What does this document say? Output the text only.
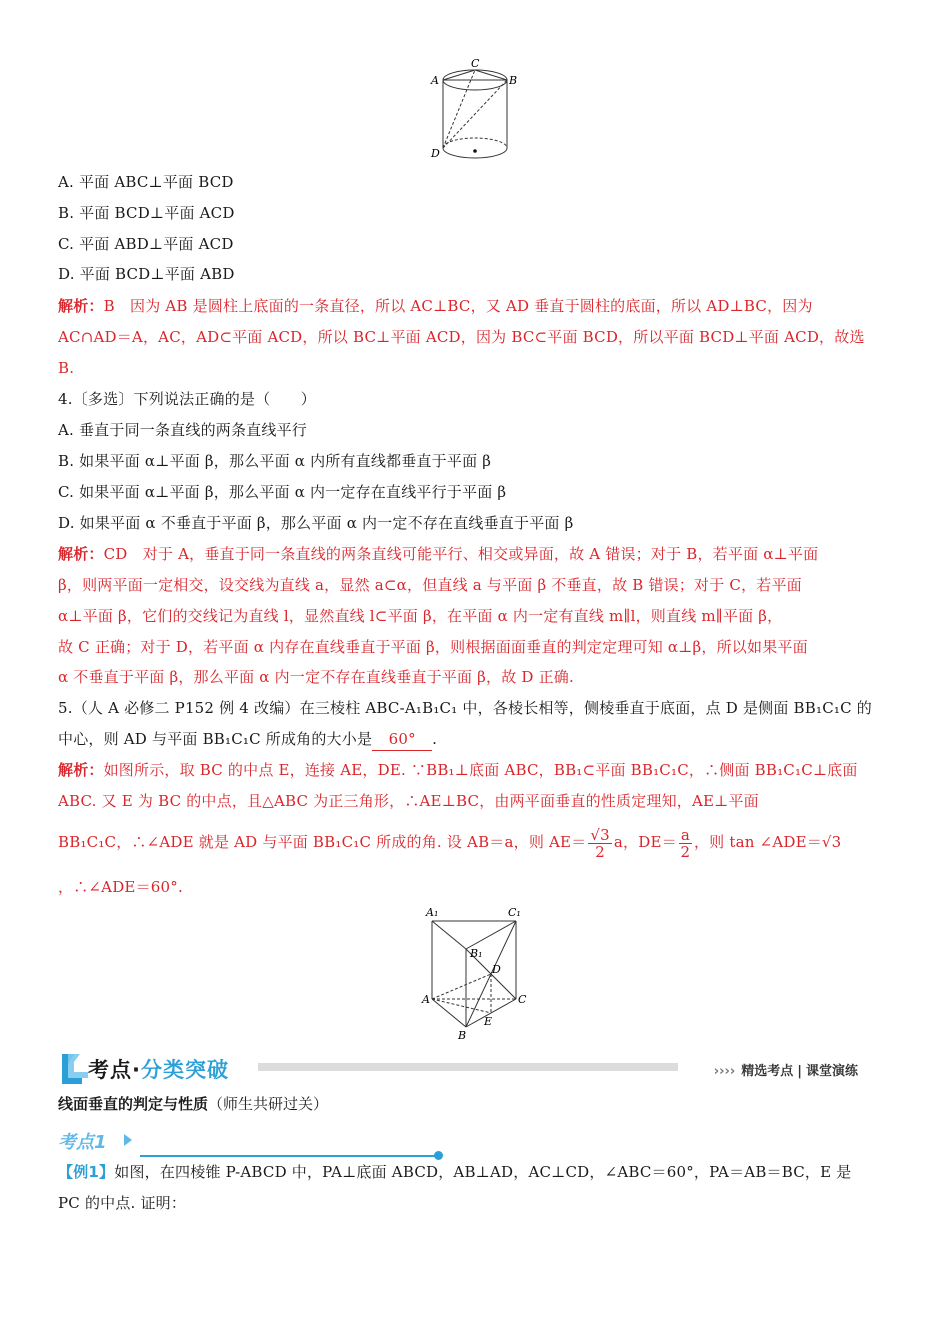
C
A	B
D
A. 平面 ABC⊥平面 BCD
B. 平面 BCD⊥平面 ACD
C. 平面 ABD⊥平面 ACD
D. 平面 BCD⊥平面 ABD
解析：B　因为 AB 是圆柱上底面的一条直径，所以 AC⊥BC，又 AD 垂直于圆柱的底面，所以 AD⊥BC，因为
AC∩AD＝A，AC，AD⊂平面 ACD，所以 BC⊥平面 ACD，因为 BC⊂平面 BCD，所以平面 BCD⊥平面 ACD，故选
B.
4.〔多选〕下列说法正确的是（　　）
A. 垂直于同一条直线的两条直线平行
B. 如果平面 α⊥平面 β，那么平面 α 内所有直线都垂直于平面 β
C. 如果平面 α⊥平面 β，那么平面 α 内一定存在直线平行于平面 β
D. 如果平面 α 不垂直于平面 β，那么平面 α 内一定不存在直线垂直于平面 β
解析：CD　对于 A，垂直于同一条直线的两条直线可能平行、相交或异面，故 A 错误；对于 B，若平面 α⊥平面
β，则两平面一定相交，设交线为直线 a，显然 a⊂α，但直线 a 与平面 β 不垂直，故 B 错误；对于 C，若平面
α⊥平面 β，它们的交线记为直线 l，显然直线 l⊂平面 β，在平面 α 内一定有直线 m∥l，则直线 m∥平面 β，
故 C 正确；对于 D，若平面 α 内存在直线垂直于平面 β，则根据面面垂直的判定定理可知 α⊥β，所以如果平面
α 不垂直于平面 β，那么平面 α 内一定不存在直线垂直于平面 β，故 D 正确.
5.（人 A 必修二 P152 例 4 改编）在三棱柱 ABC-A₁B₁C₁ 中，各棱长相等，侧棱垂直于底面，点 D 是侧面 BB₁C₁C 的
中心，则 AD 与平面 BB₁C₁C 所成角的大小是 60° .
解析：如图所示，取 BC 的中点 E，连接 AE，DE. ∵BB₁⊥底面 ABC，BB₁⊂平面 BB₁C₁C，∴侧面 BB₁C₁C⊥底面
ABC. 又 E 为 BC 的中点，且△ABC 为正三角形，∴AE⊥BC，由两平面垂直的性质定理知，AE⊥平面
BB₁C₁C，∴∠ADE 就是 AD 与平面 BB₁C₁C 所成的角. 设 AB＝a，则 $AE= \frac{√3}{2}$ a，$DE= \frac{a}{2}$ ，则 tan ∠ADE＝√3
，∴∠ADE＝60°.
A₁	C₁
B₁
D
A	C
E
B
考点·分类突破	›››› 精选考点 | 课堂演练
线面垂直的判定与性质（师生共研过关）
考点1
【例1】如图，在四棱锥 P-ABCD 中，PA⊥底面 ABCD，AB⊥AD，AC⊥CD，∠ABC＝60°，PA＝AB＝BC，E 是
PC 的中点. 证明：
